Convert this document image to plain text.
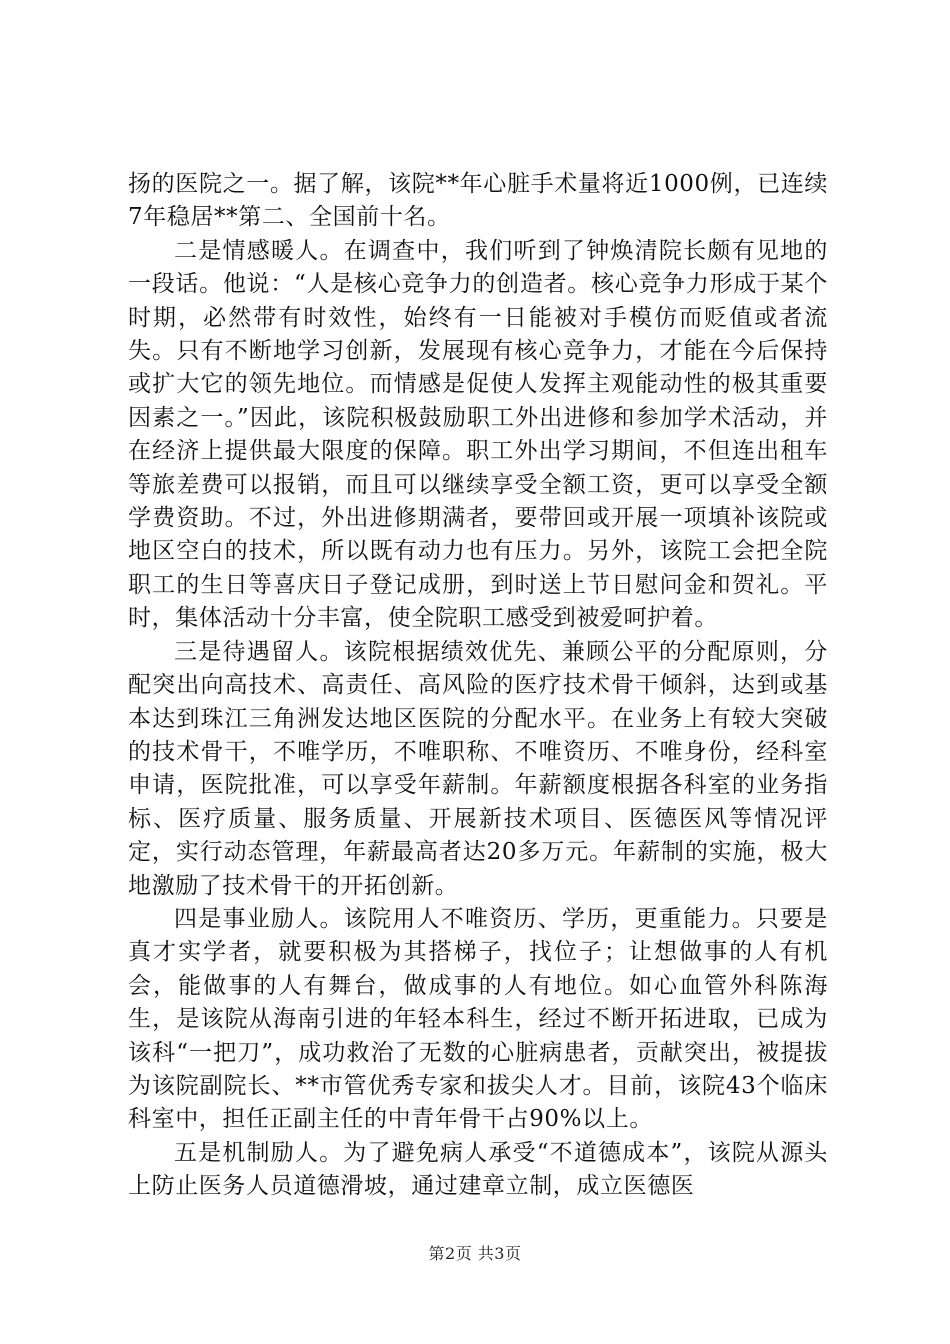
扬的医院之一。据了解，该院**年心脏手术量将近1000例，已连续7年稳居**第二、全国前十名。

二是情感暖人。在调查中，我们听到了钟焕清院长颇有见地的一段话。他说：“人是核心竞争力的创造者。核心竞争力形成于某个时期，必然带有时效性，始终有一日能被对手模仿而贬值或者流失。只有不断地学习创新，发展现有核心竞争力，才能在今后保持或扩大它的领先地位。而情感是促使人发挥主观能动性的极其重要因素之一。”因此，该院积极鼓励职工外出进修和参加学术活动，并在经济上提供最大限度的保障。职工外出学习期间，不但连出租车等旅差费可以报销，而且可以继续享受全额工资，更可以享受全额学费资助。不过，外出进修期满者，要带回或开展一项填补该院或地区空白的技术，所以既有动力也有压力。另外，该院工会把全院职工的生日等喜庆日子登记成册，到时送上节日慰问金和贺礼。平时，集体活动十分丰富，使全院职工感受到被爱呵护着。

三是待遇留人。该院根据绩效优先、兼顾公平的分配原则，分配突出向高技术、高责任、高风险的医疗技术骨干倾斜，达到或基本达到珠江三角洲发达地区医院的分配水平。在业务上有较大突破的技术骨干，不唯学历，不唯职称、不唯资历、不唯身份，经科室申请，医院批准，可以享受年薪制。年薪额度根据各科室的业务指标、医疗质量、服务质量、开展新技术项目、医德医风等情况评定，实行动态管理，年薪最高者达20多万元。年薪制的实施，极大地激励了技术骨干的开拓创新。

四是事业励人。该院用人不唯资历、学历，更重能力。只要是真才实学者，就要积极为其搭梯子，找位子；让想做事的人有机会，能做事的人有舞台，做成事的人有地位。如心血管外科陈海生，是该院从海南引进的年轻本科生，经过不断开拓进取，已成为该科“一把刀”，成功救治了无数的心脏病患者，贡献突出，被提拔为该院副院长、**市管优秀专家和拔尖人才。目前，该院43个临床科室中，担任正副主任的中青年骨干占90%以上。

五是机制励人。为了避免病人承受“不道德成本”，该院从源头上防止医务人员道德滑坡，通过建章立制，成立医德医

第2页 共3页
